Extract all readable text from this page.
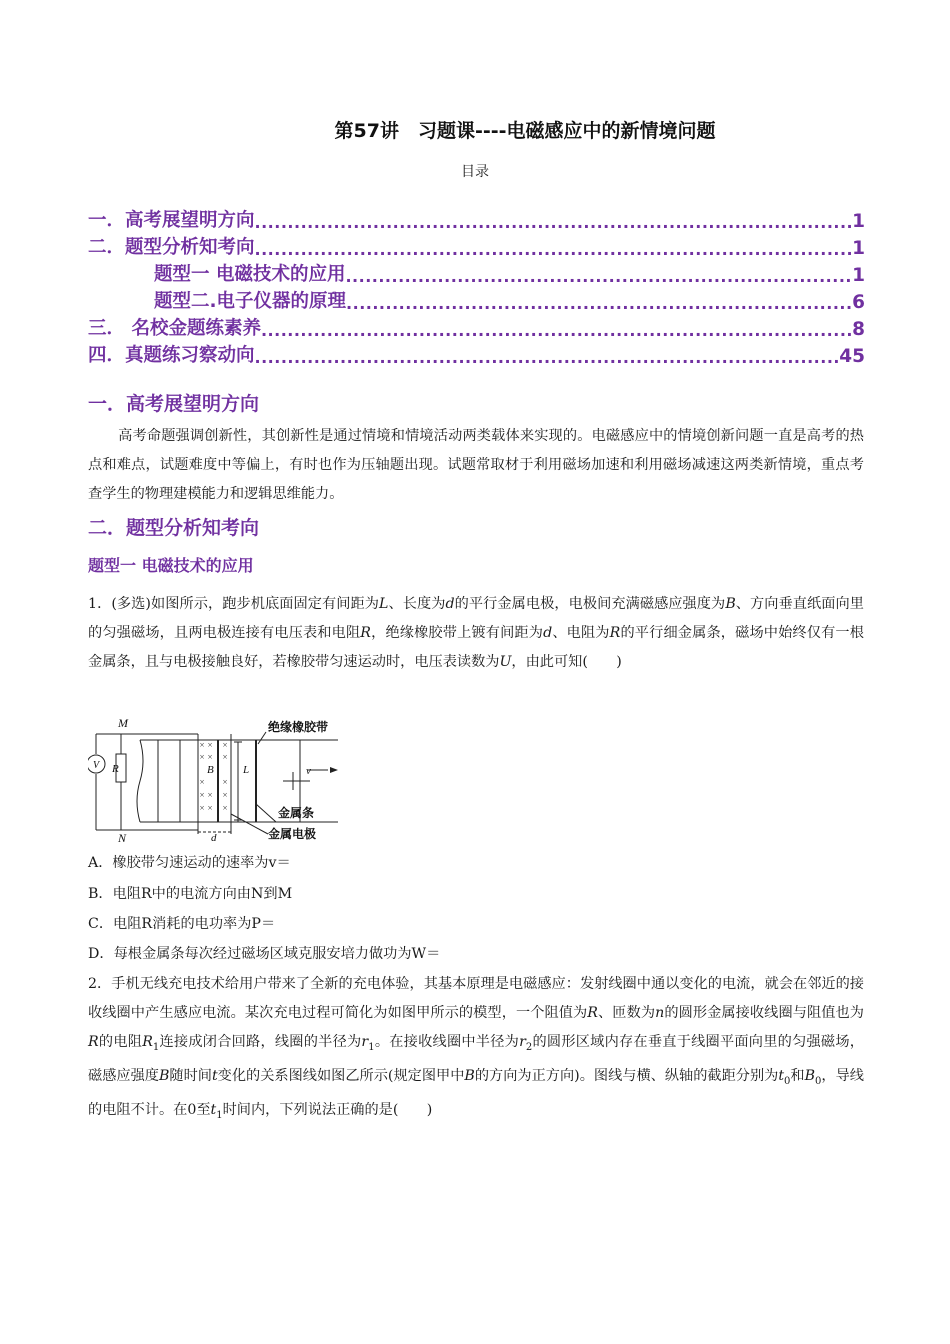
第57讲　习题课----电磁感应中的新情境问题
目录
一．高考展望明方向 .....	1
二．题型分析知考向 .....	1
题型一 电磁技术的应用 .....	1
题型二.电子仪器的原理 .....	6
三． 名校金题练素养 .....	8
四．真题练习察动向 .....	45
一．高考展望明方向
高考命题强调创新性，其创新性是通过情境和情境活动两类载体来实现的。电磁感应中的情境创新问题一直是高考的热点和难点，试题难度中等偏上，有时也作为压轴题出现。试题常取材于利用磁场加速和利用磁场减速这两类新情境，重点考查学生的物理建模能力和逻辑思维能力。
二．题型分析知考向
题型一 电磁技术的应用
1．(多选)如图所示，跑步机底面固定有间距为L、长度为d的平行金属电极，电极间充满磁感应强度为B、方向垂直纸面向里的匀强磁场，且两电极连接有电压表和电阻R，绝缘橡胶带上镀有间距为d、电阻为R的平行细金属条，磁场中始终仅有一根金属条，且与电极接触良好，若橡胶带匀速运动时，电压表读数为U，由此可知(　　)
× × ×
× × ×
× ×
× × ×
× × ×
M
N
V R	B	L
d
v
绝缘橡胶带
金属条
金属电极
A．橡胶带匀速运动的速率为v＝
B．电阻R中的电流方向由N到M
C．电阻R消耗的电功率为P＝
D．每根金属条每次经过磁场区域克服安培力做功为W＝
2．手机无线充电技术给用户带来了全新的充电体验，其基本原理是电磁感应：发射线圈中通以变化的电流，就会在邻近的接收线圈中产生感应电流。某次充电过程可简化为如图甲所示的模型，一个阻值为R、匝数为n的圆形金属接收线圈与阻值也为R的电阻$R_1$连接成闭合回路，线圈的半径为$r_1$。在接收线圈中半径为$r_2$的圆形区域内存在垂直于线圈平面向里的匀强磁场，磁感应强度B随时间t变化的关系图线如图乙所示(规定图甲中B的方向为正方向)。图线与横、纵轴的截距分别为$t_0$和$B_0$，导线的电阻不计。在0至$t_1$时间内，下列说法正确的是(　　)
